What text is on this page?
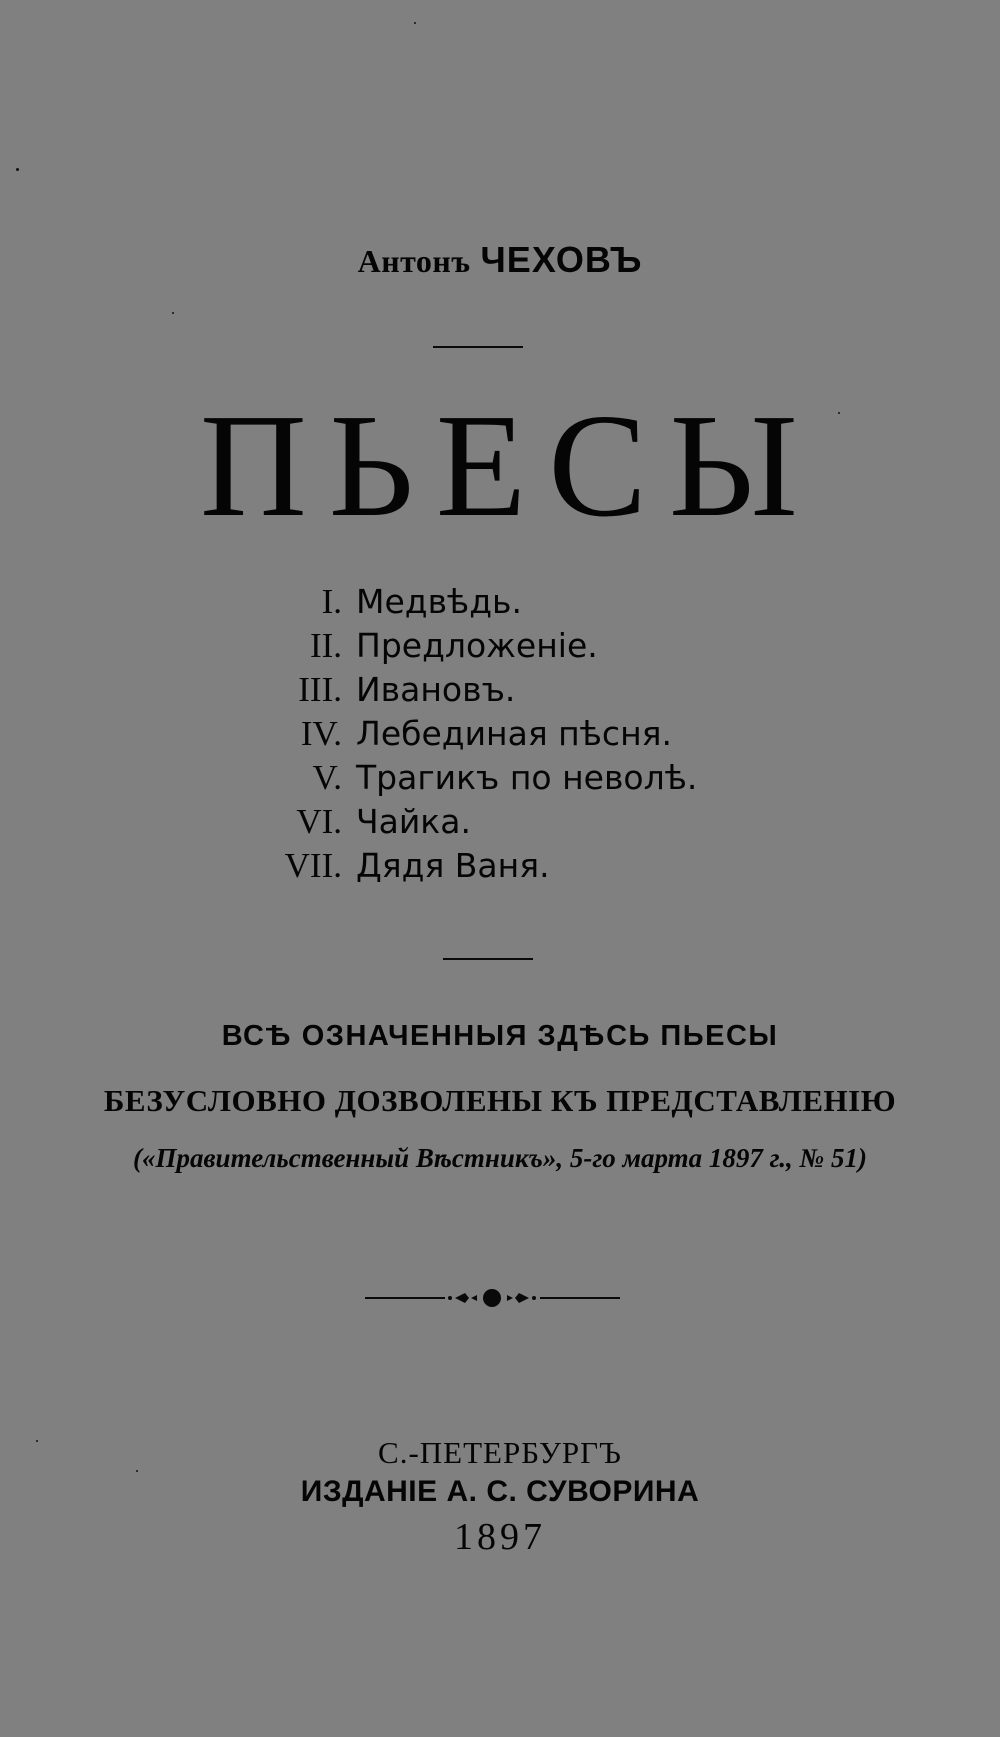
Антонъ ЧЕХОВЪ
ПЬЕСЫ
I. Медвѣдь.
II. Предложеніе.
III. Ивановъ.
IV. Лебединая пѣсня.
V. Трагикъ по неволѣ.
VI. Чайка.
VII. Дядя Ваня.
ВСѢ ОЗНАЧЕННЫЯ ЗДѢСЬ ПЬЕСЫ
БЕЗУСЛОВНО ДОЗВОЛЕНЫ КЪ ПРЕДСТАВЛЕНІЮ
(«Правительственный Вѣстникъ», 5-го марта 1897 г., № 51)
С.-ПЕТЕРБУРГЪ
ИЗДАНІЕ А. С. СУВОРИНА
1897
